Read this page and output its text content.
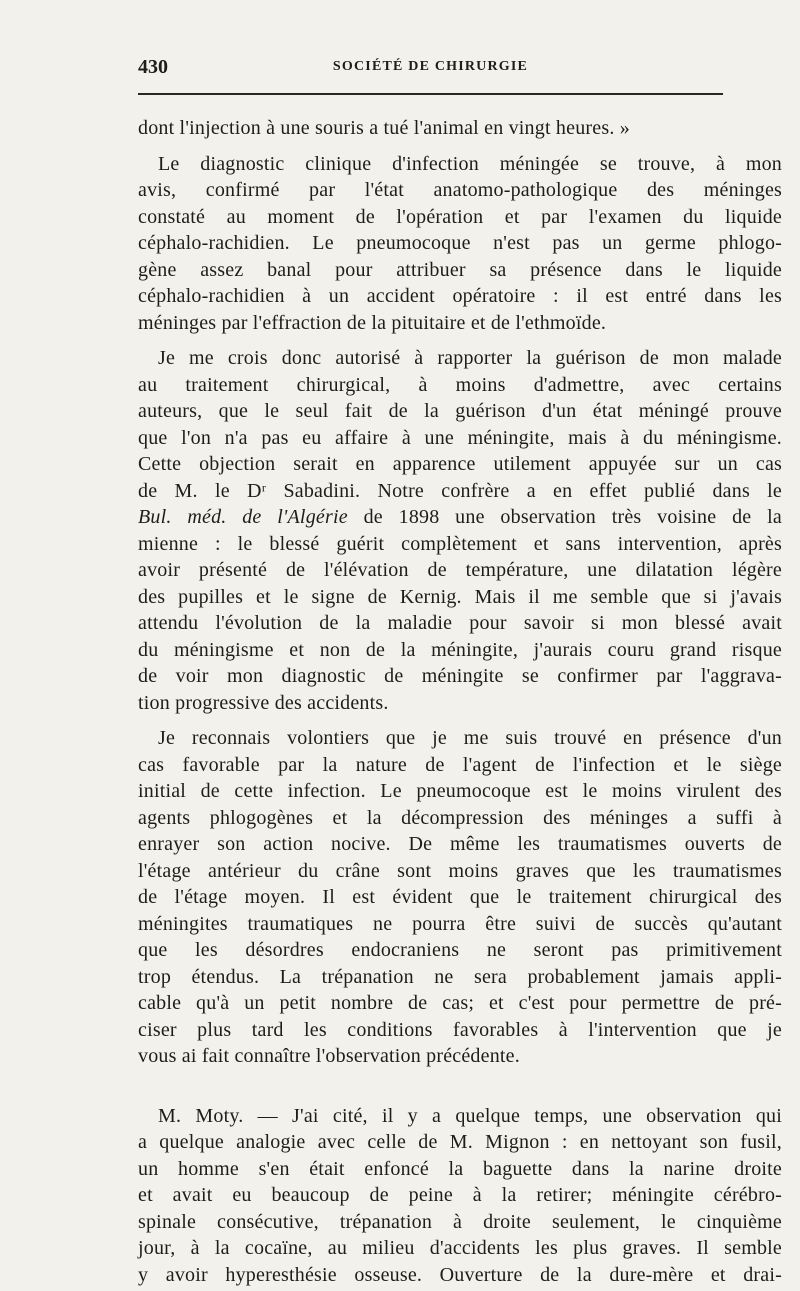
430	SOCIÉTÉ DE CHIRURGIE
dont l'injection à une souris a tué l'animal en vingt heures. »
Le diagnostic clinique d'infection méningée se trouve, à mon
avis, confirmé par l'état anatomo-pathologique des méninges
constaté au moment de l'opération et par l'examen du liquide
céphalo-rachidien. Le pneumocoque n'est pas un germe phlogo-
gène assez banal pour attribuer sa présence dans le liquide
céphalo-rachidien à un accident opératoire : il est entré dans les
méninges par l'effraction de la pituitaire et de l'ethmoïde.
Je me crois donc autorisé à rapporter la guérison de mon malade
au traitement chirurgical, à moins d'admettre, avec certains
auteurs, que le seul fait de la guérison d'un état méningé prouve
que l'on n'a pas eu affaire à une méningite, mais à du méningisme.
Cette objection serait en apparence utilement appuyée sur un cas
de M. le Dʳ Sabadini. Notre confrère a en effet publié dans le
Bul. méd. de l'Algérie de 1898 une observation très voisine de la
mienne : le blessé guérit complètement et sans intervention, après
avoir présenté de l'élévation de température, une dilatation légère
des pupilles et le signe de Kernig. Mais il me semble que si j'avais
attendu l'évolution de la maladie pour savoir si mon blessé avait
du méningisme et non de la méningite, j'aurais couru grand risque
de voir mon diagnostic de méningite se confirmer par l'aggrava-
tion progressive des accidents.
Je reconnais volontiers que je me suis trouvé en présence d'un
cas favorable par la nature de l'agent de l'infection et le siège
initial de cette infection. Le pneumocoque est le moins virulent des
agents phlogogènes et la décompression des méninges a suffi à
enrayer son action nocive. De même les traumatismes ouverts de
l'étage antérieur du crâne sont moins graves que les traumatismes
de l'étage moyen. Il est évident que le traitement chirurgical des
méningites traumatiques ne pourra être suivi de succès qu'autant
que les désordres endocraniens ne seront pas primitivement
trop étendus. La trépanation ne sera probablement jamais appli-
cable qu'à un petit nombre de cas; et c'est pour permettre de pré-
ciser plus tard les conditions favorables à l'intervention que je
vous ai fait connaître l'observation précédente.
M. Moty. — J'ai cité, il y a quelque temps, une observation qui
a quelque analogie avec celle de M. Mignon : en nettoyant son fusil,
un homme s'en était enfoncé la baguette dans la narine droite
et avait eu beaucoup de peine à la retirer; méningite cérébro-
spinale consécutive, trépanation à droite seulement, le cinquième
jour, à la cocaïne, au milieu d'accidents les plus graves. Il semble
y avoir hyperesthésie osseuse. Ouverture de la dure-mère et drai-
